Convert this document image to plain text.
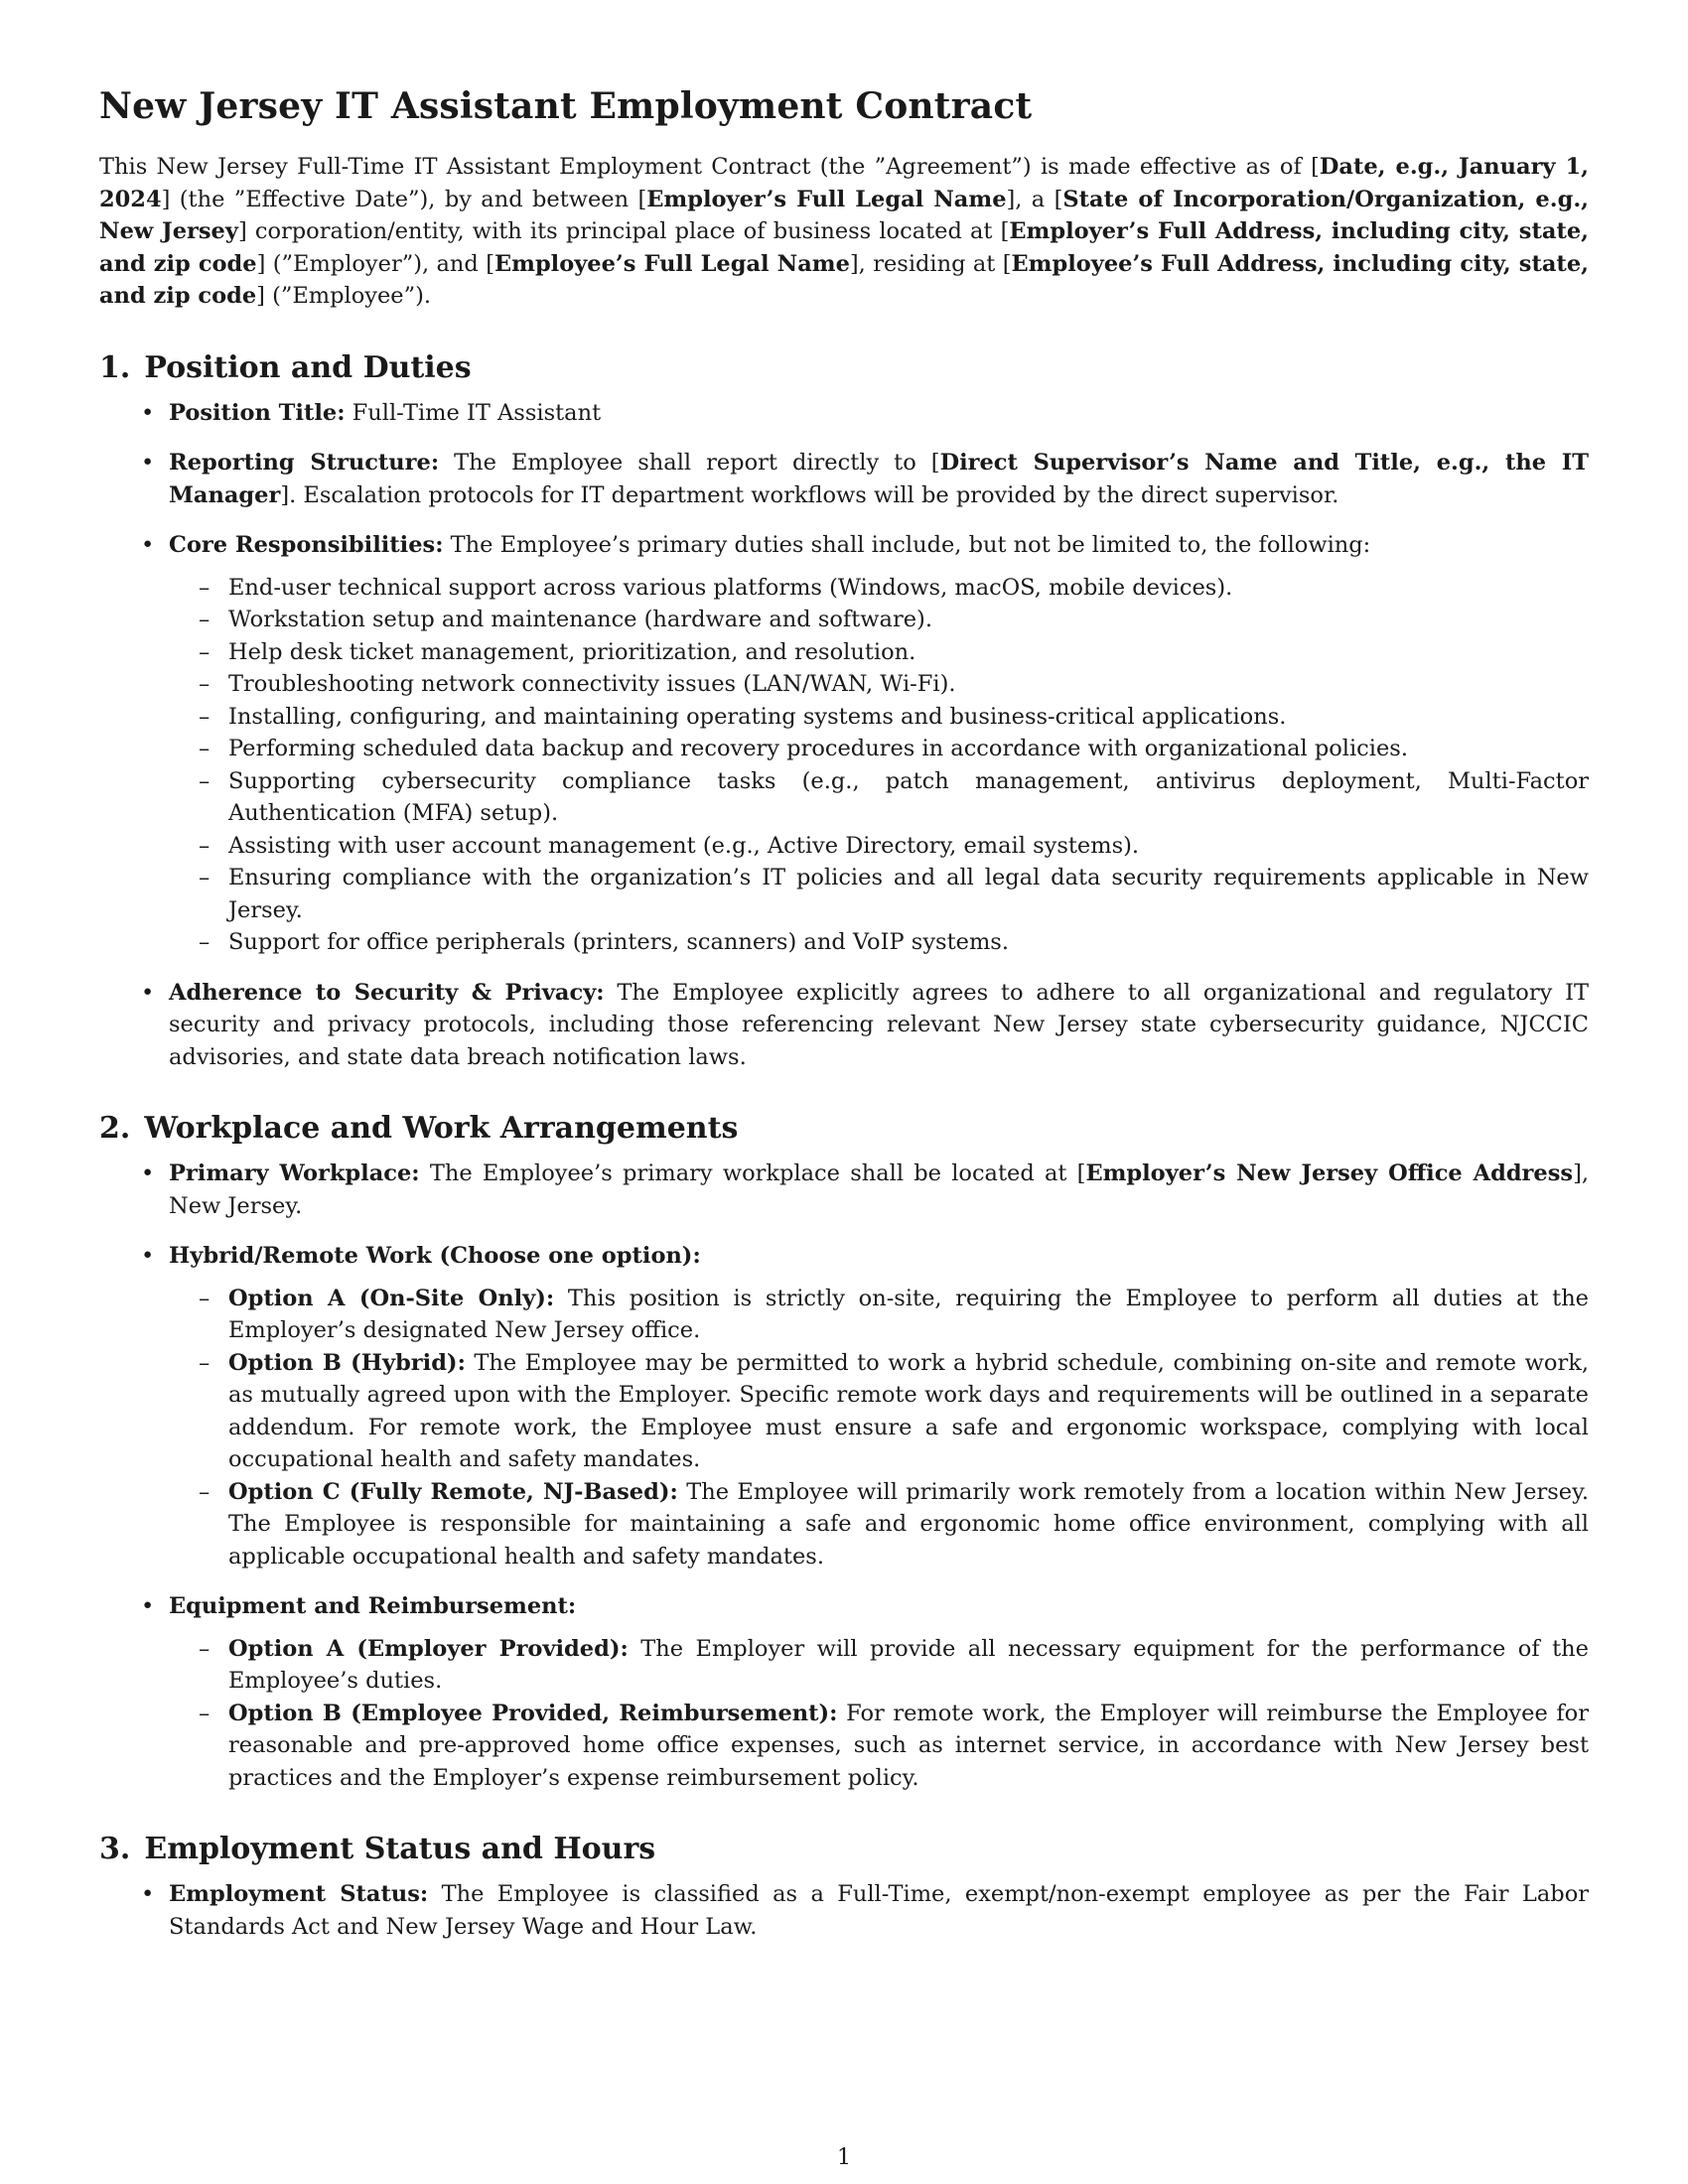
New Jersey IT Assistant Employment Contract

This New Jersey Full-Time IT Assistant Employment Contract (the ”Agreement”) is made effective as of [Date, e.g., January 1, 2024] (the ”Effective Date”), by and between [Employer’s Full Legal Name], a [State of Incorporation/Organization, e.g., New Jersey] corporation/entity, with its principal place of business located at [Employer’s Full Address, including city, state, and zip code] (”Employer”), and [Employee’s Full Legal Name], residing at [Employee’s Full Address, including city, state, and zip code] (”Employee”).

1. Position and Duties
• Position Title: Full-Time IT Assistant
• Reporting Structure: The Employee shall report directly to [Direct Supervisor’s Name and Title, e.g., the IT Manager]. Escalation protocols for IT department workflows will be provided by the direct supervisor.
• Core Responsibilities: The Employee’s primary duties shall include, but not be limited to, the following:
– End-user technical support across various platforms (Windows, macOS, mobile devices).
– Workstation setup and maintenance (hardware and software).
– Help desk ticket management, prioritization, and resolution.
– Troubleshooting network connectivity issues (LAN/WAN, Wi-Fi).
– Installing, configuring, and maintaining operating systems and business-critical applications.
– Performing scheduled data backup and recovery procedures in accordance with organizational policies.
– Supporting cybersecurity compliance tasks (e.g., patch management, antivirus deployment, Multi-Factor Authentication (MFA) setup).
– Assisting with user account management (e.g., Active Directory, email systems).
– Ensuring compliance with the organization’s IT policies and all legal data security requirements applicable in New Jersey.
– Support for office peripherals (printers, scanners) and VoIP systems.
• Adherence to Security & Privacy: The Employee explicitly agrees to adhere to all organizational and regulatory IT security and privacy protocols, including those referencing relevant New Jersey state cybersecurity guidance, NJCCIC advisories, and state data breach notification laws.
2. Workplace and Work Arrangements
• Primary Workplace: The Employee’s primary workplace shall be located at [Employer’s New Jersey Office Address], New Jersey.
• Hybrid/Remote Work (Choose one option):
– Option A (On-Site Only): This position is strictly on-site, requiring the Employee to perform all duties at the Employer’s designated New Jersey office.
– Option B (Hybrid): The Employee may be permitted to work a hybrid schedule, combining on-site and remote work, as mutually agreed upon with the Employer. Specific remote work days and requirements will be outlined in a separate addendum. For remote work, the Employee must ensure a safe and ergonomic workspace, complying with local occupational health and safety mandates.
– Option C (Fully Remote, NJ-Based): The Employee will primarily work remotely from a location within New Jersey. The Employee is responsible for maintaining a safe and ergonomic home office environment, complying with all applicable occupational health and safety mandates.
• Equipment and Reimbursement:
– Option A (Employer Provided): The Employer will provide all necessary equipment for the performance of the Employee’s duties.
– Option B (Employee Provided, Reimbursement): For remote work, the Employer will reimburse the Employee for reasonable and pre-approved home office expenses, such as internet service, in accordance with New Jersey best practices and the Employer’s expense reimbursement policy.
3. Employment Status and Hours
• Employment Status: The Employee is classified as a Full-Time, exempt/non-exempt employee as per the Fair Labor Standards Act and New Jersey Wage and Hour Law.
1
